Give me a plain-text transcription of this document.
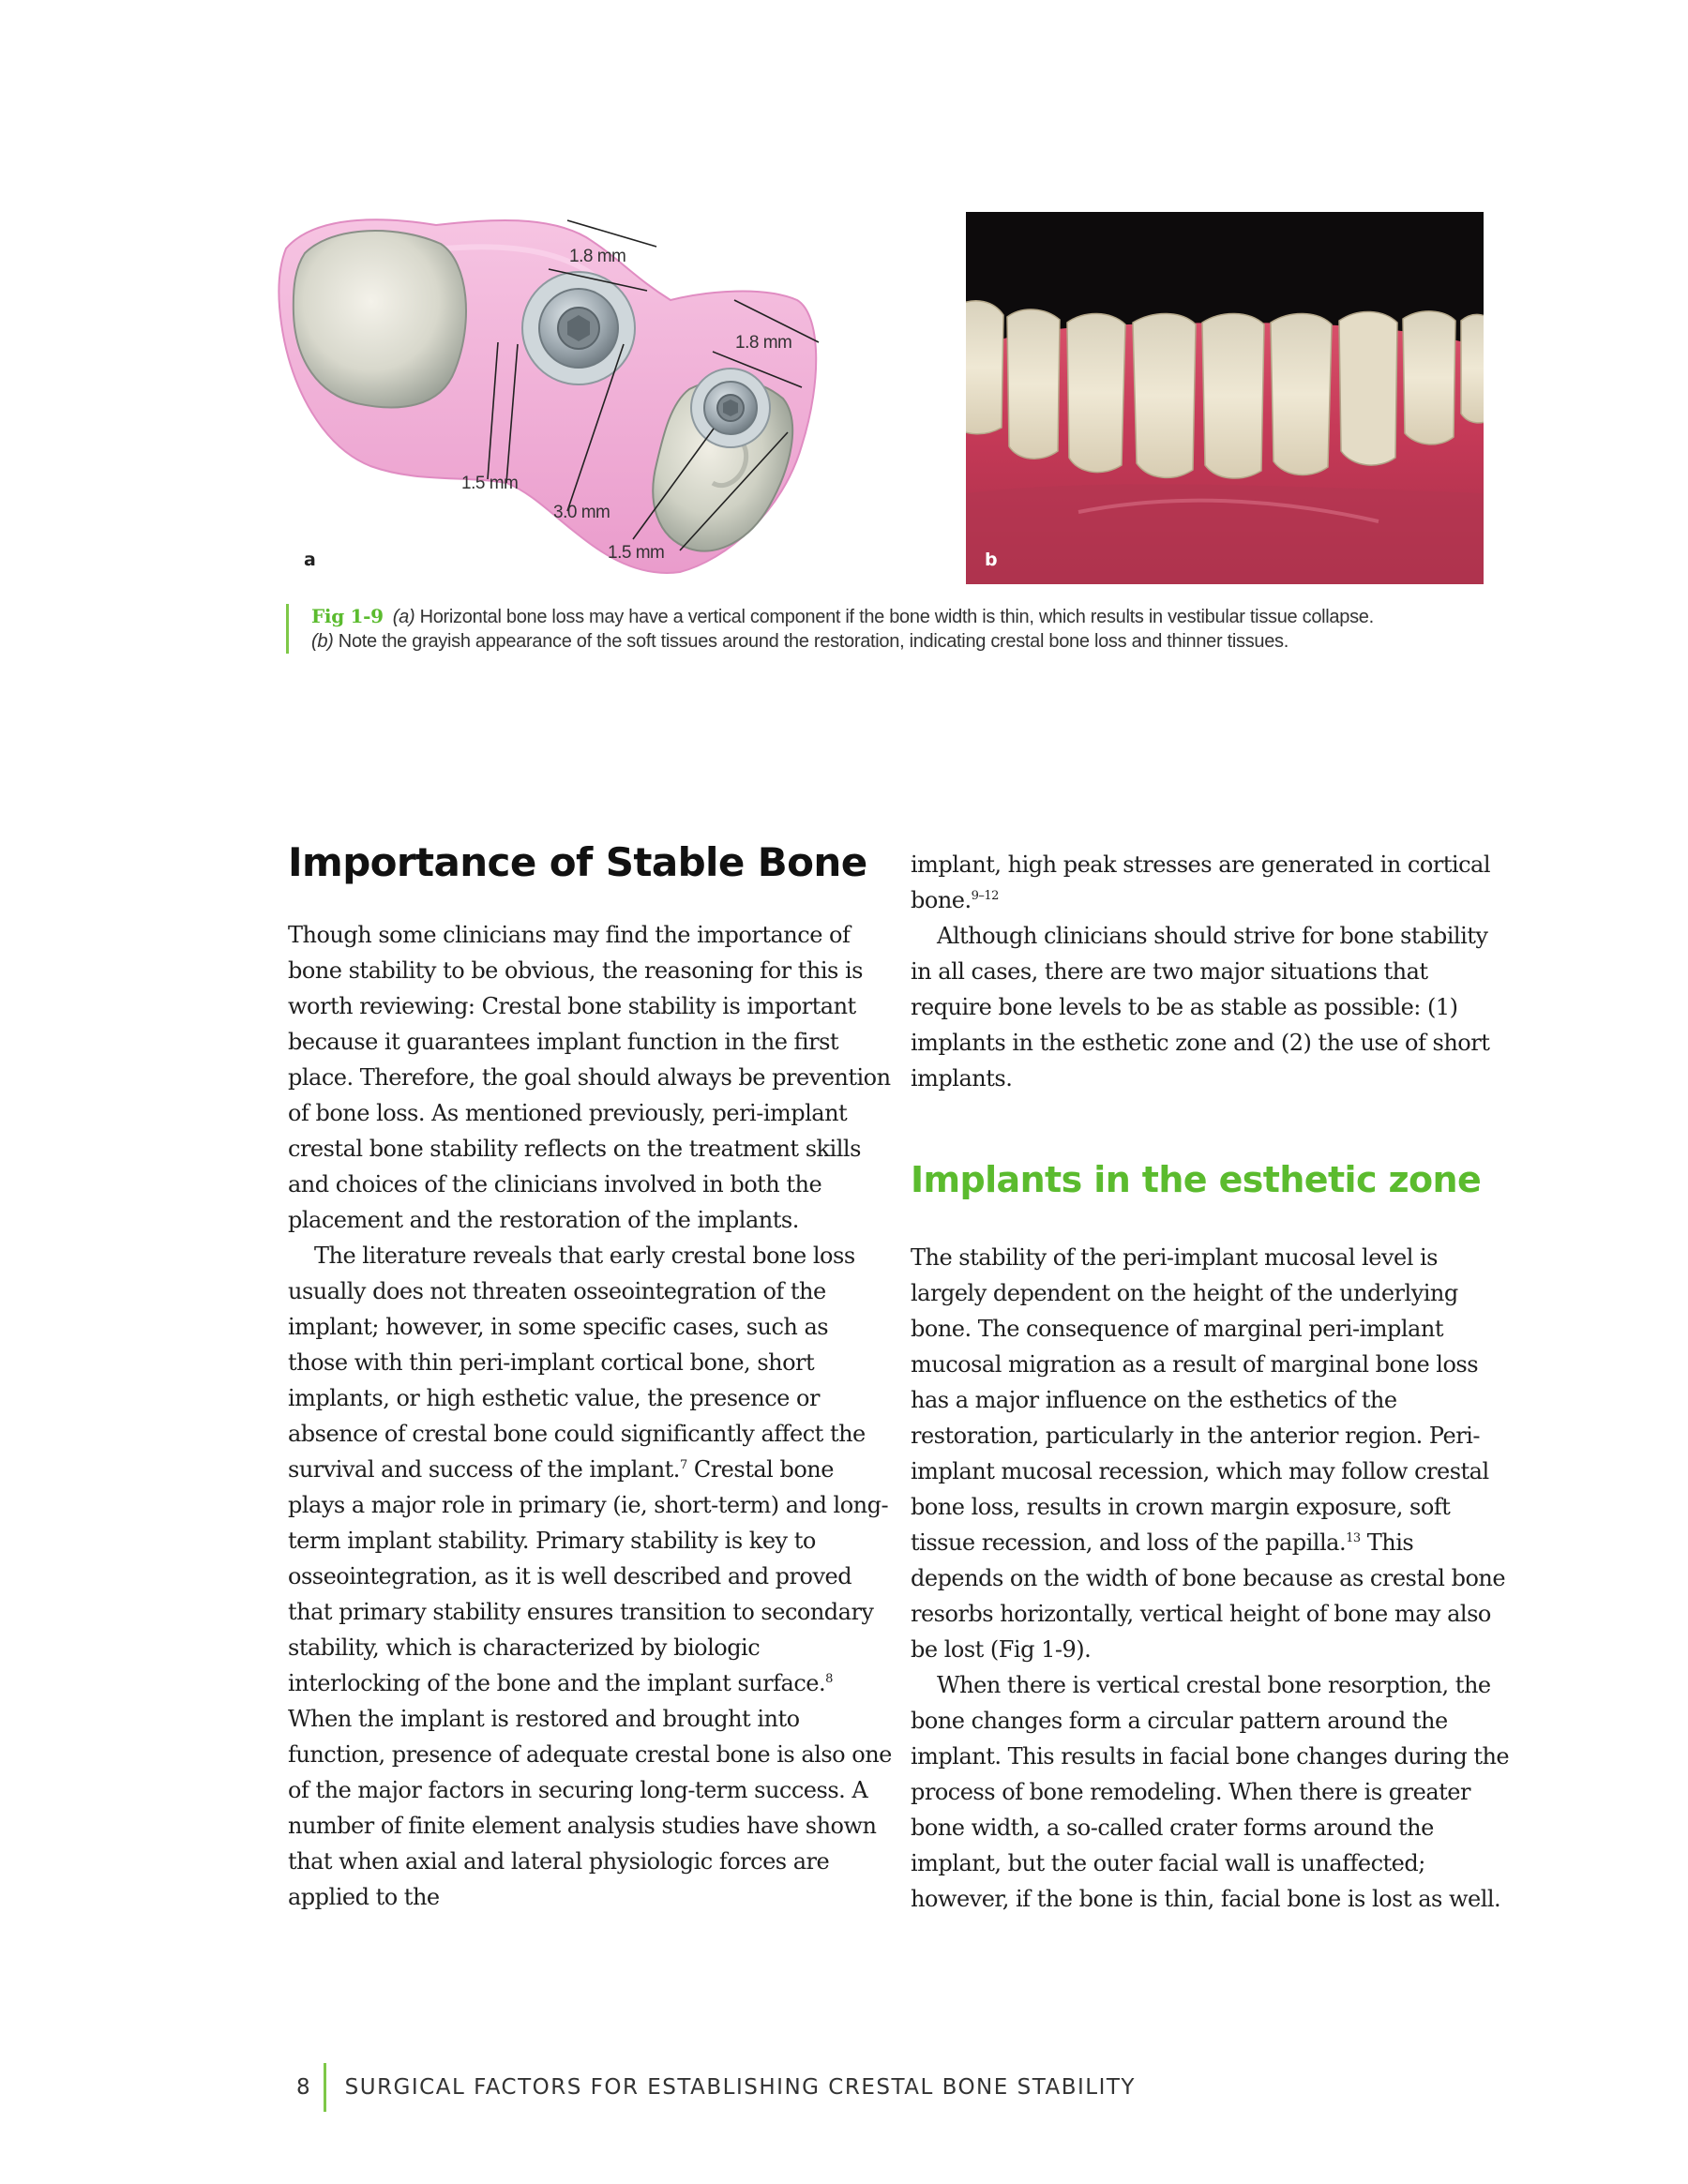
1.8 mm
1.8 mm
1.5 mm
3.0 mm
1.5 mm
a	b
Fig 1-9 (a) Horizontal bone loss may have a vertical component if the bone width is thin, which results in vestibular tissue collapse.
(b) Note the grayish appearance of the soft tissues around the restoration, indicating crestal bone loss and thinner tissues.
Importance of Stable Bone
Implants in the esthetic zone

Though some clinicians may find the importance of bone stability to be obvious, the reasoning for this is worth reviewing: Crestal bone stability is important because it guarantees implant function in the first place. Therefore, the goal should always be prevention of bone loss. As mentioned previously, peri-implant crestal bone stability reflects on the treatment skills and choices of the clinicians involved in both the placement and the restoration of the implants.

The literature reveals that early crestal bone loss usually does not threaten osseointegration of the implant; however, in some specific cases, such as those with thin peri-implant cortical bone, short implants, or high esthetic value, the presence or absence of crestal bone could significantly affect the survival and success of the implant.$^7$ Crestal bone plays a major role in primary (ie, short-term) and long-term implant stability. Primary stability is key to osseointegration, as it is well described and proved that primary stability ensures transition to secondary stability, which is characterized by biologic interlocking of the bone and the implant surface.$^8$ When the implant is restored and brought into function, presence of adequate crestal bone is also one of the major factors in securing long-term success. A number of finite element analysis studies have shown that when axial and lateral physiologic forces are applied to the

implant, high peak stresses are generated in cortical bone.$^{9-12}$

Although clinicians should strive for bone stability in all cases, there are two major situations that require bone levels to be as stable as possible: (1) implants in the esthetic zone and (2) the use of short implants.

The stability of the peri-implant mucosal level is largely dependent on the height of the underlying bone. The consequence of marginal peri-implant mucosal migration as a result of marginal bone loss has a major influence on the esthetics of the restoration, particularly in the anterior region. Peri-implant mucosal recession, which may follow crestal bone loss, results in crown margin exposure, soft tissue recession, and loss of the papilla.$^{13}$ This depends on the width of bone because as crestal bone resorbs horizontally, vertical height of bone may also be lost (Fig 1-9).

When there is vertical crestal bone resorption, the bone changes form a circular pattern around the implant. This results in facial bone changes during the process of bone remodeling. When there is greater bone width, a so-called crater forms around the implant, but the outer facial wall is unaffected; however, if the bone is thin, facial bone is lost as well.

8 SURGICAL FACTORS FOR ESTABLISHING CRESTAL BONE STABILITY
